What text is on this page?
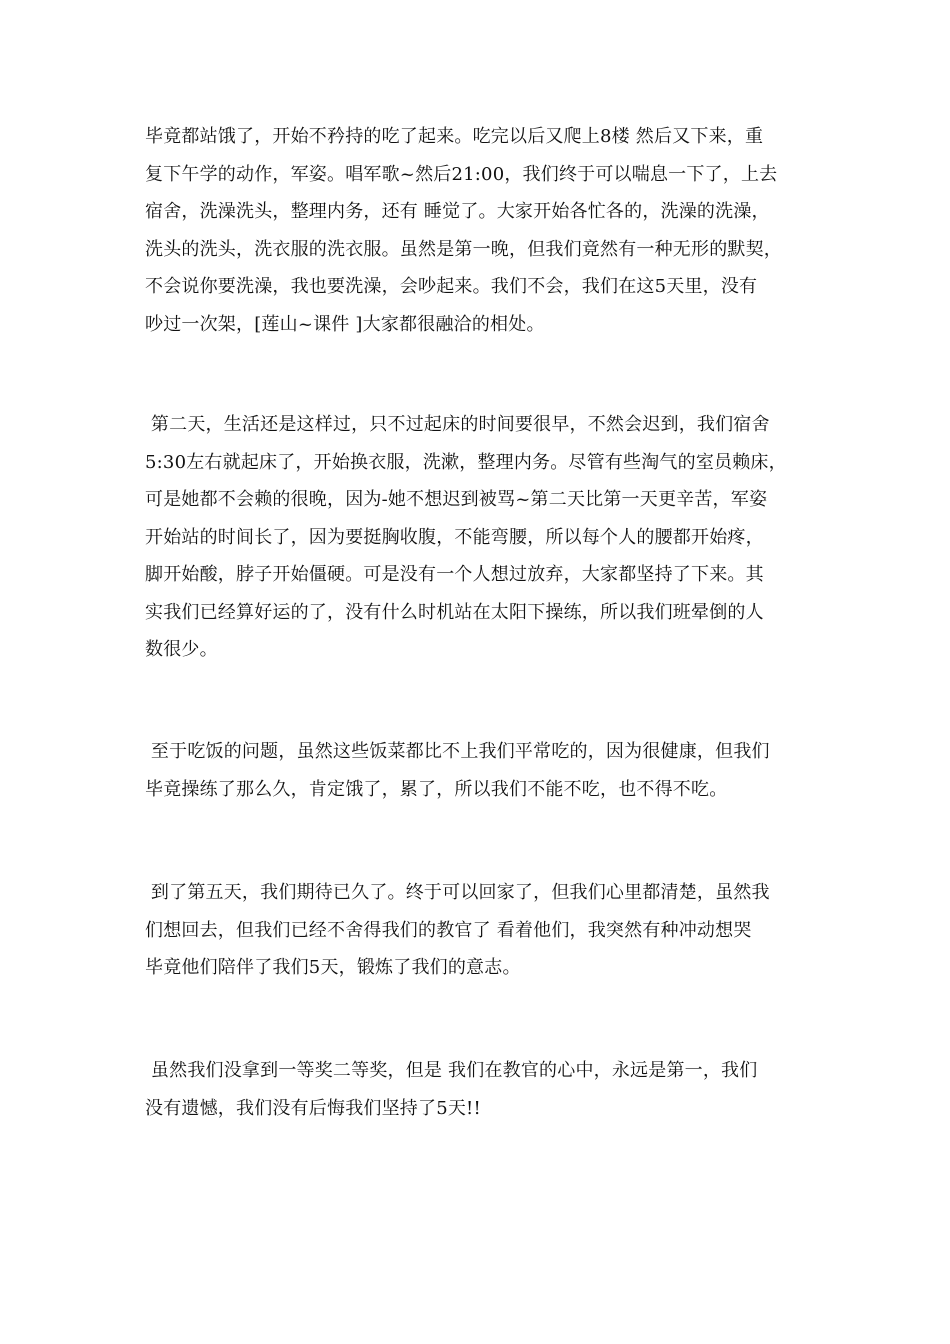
毕竟都站饿了，开始不矜持的吃了起来。吃完以后又爬上8楼 然后又下来，重
复下午学的动作，军姿。唱军歌~然后21:00，我们终于可以喘息一下了，上去
宿舍，洗澡洗头，整理内务，还有 睡觉了。大家开始各忙各的，洗澡的洗澡，
洗头的洗头，洗衣服的洗衣服。虽然是第一晚，但我们竟然有一种无形的默契，
不会说你要洗澡，我也要洗澡，会吵起来。我们不会，我们在这5天里，没有
吵过一次架，[莲山~课件 ]大家都很融洽的相处。

第二天，生活还是这样过，只不过起床的时间要很早，不然会迟到，我们宿舍
5:30左右就起床了，开始换衣服，洗漱，整理内务。尽管有些淘气的室员赖床，
可是她都不会赖的很晚，因为-她不想迟到被骂~第二天比第一天更辛苦，军姿
开始站的时间长了，因为要挺胸收腹，不能弯腰，所以每个人的腰都开始疼，
脚开始酸，脖子开始僵硬。可是没有一个人想过放弃，大家都坚持了下来。其
实我们已经算好运的了，没有什么时机站在太阳下操练，所以我们班晕倒的人
数很少。

至于吃饭的问题，虽然这些饭菜都比不上我们平常吃的，因为很健康，但我们
毕竟操练了那么久，肯定饿了，累了，所以我们不能不吃，也不得不吃。

到了第五天，我们期待已久了。终于可以回家了，但我们心里都清楚，虽然我
们想回去，但我们已经不舍得我们的教官了 看着他们，我突然有种冲动想哭
毕竟他们陪伴了我们5天，锻炼了我们的意志。

虽然我们没拿到一等奖二等奖，但是 我们在教官的心中，永远是第一，我们
没有遗憾，我们没有后悔我们坚持了5天!!
